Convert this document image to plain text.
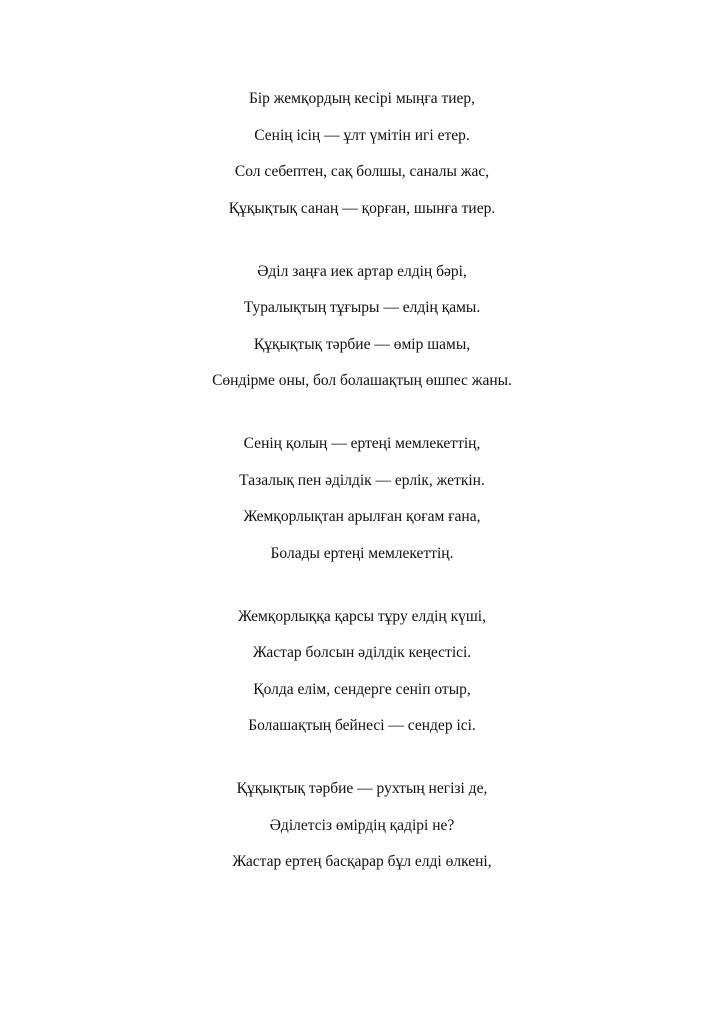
Бір жемқордың кесірі мыңға тиер,
Сенің ісің — ұлт үмітін игі етер.
Сол себептен, сақ болшы, саналы жас,
Құқықтық санаң — қорған, шынға тиер.
Әділ заңға иек артар елдің бәрі,
Туралықтың тұғыры — елдің қамы.
Құқықтық тәрбие — өмір шамы,
Сөндірме оны, бол болашақтың өшпес жаны.
Сенің қолың — ертеңі мемлекеттің,
Тазалық пен әділдік — ерлік, жеткін.
Жемқорлықтан арылған қоғам ғана,
Болады ертеңі мемлекеттің.
Жемқорлыққа қарсы тұру елдің күші,
Жастар болсын әділдік кеңестісі.
Қолда елім, сендерге сеніп отыр,
Болашақтың бейнесі — сендер ісі.
Құқықтық тәрбие — рухтың негізі де,
Әділетсіз өмірдің қадірі не?
Жастар ертең басқарар бұл елді өлкені,
